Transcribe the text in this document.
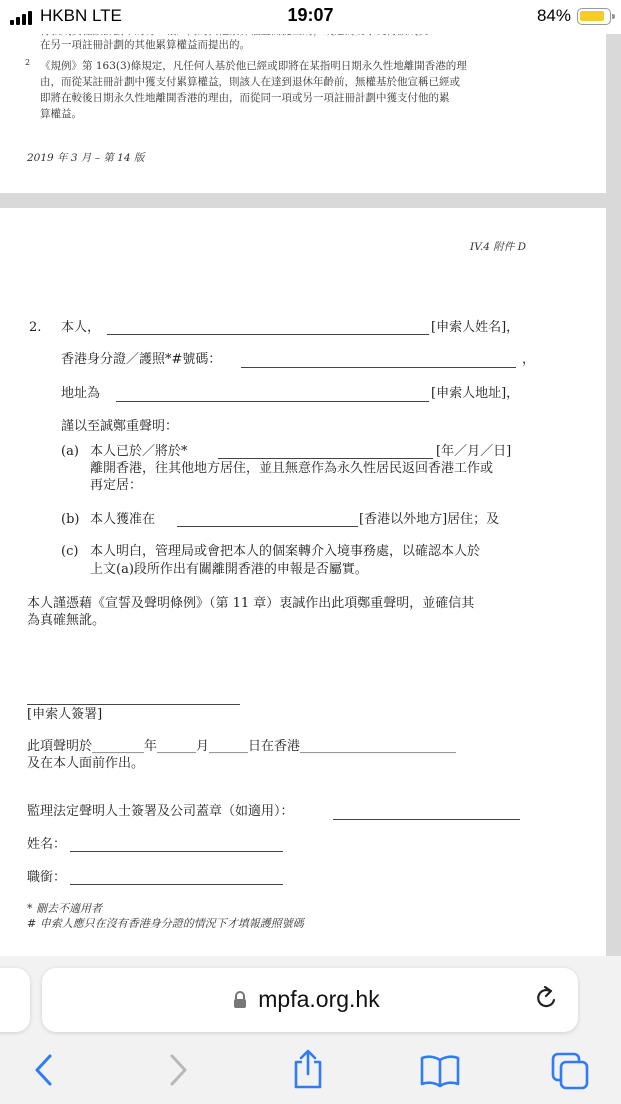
HKBN LTE	19:07	84%
在另一項註冊計劃的其他累算權益而提出的。
2 《規例》第 163(3)條規定，凡任何人基於他已經或即將在某指明日期永久性地離開香港的理
由，而從某註冊計劃中獲支付累算權益，則該人在達到退休年齡前，無權基於他宣稱已經或
即將在較後日期永久性地離開香港的理由，而從同一項或另一項註冊計劃中獲支付他的累
算權益。
2019 年 3 月 – 第 14 版
IV.4 附件 D
2. 本人，	[申索人姓名]，
香港身分證／護照*#號碼：	，
地址為	[申索人地址]，
謹以至誠鄭重聲明：
(a) 本人已於／將於*	[年／月／日]
離開香港，往其他地方居住，並且無意作為永久性居民返回香港工作或
再定居：
(b) 本人獲准在	[香港以外地方]居住；及
(c) 本人明白，管理局或會把本人的個案轉介入境事務處，以確認本人於
上文(a)段所作出有關離開香港的申報是否屬實。
本人謹憑藉《宣誓及聲明條例》（第 11 章）衷誠作出此項鄭重聲明，並確信其
為真確無訛。
[申索人簽署]
此項聲明於________年______月______日在香港________________________
及在本人面前作出。
監理法定聲明人士簽署及公司蓋章（如適用）：
姓名：
職銜：
* 刪去不適用者
# 申索人應只在沒有香港身分證的情況下才填報護照號碼
mpfa.org.hk
